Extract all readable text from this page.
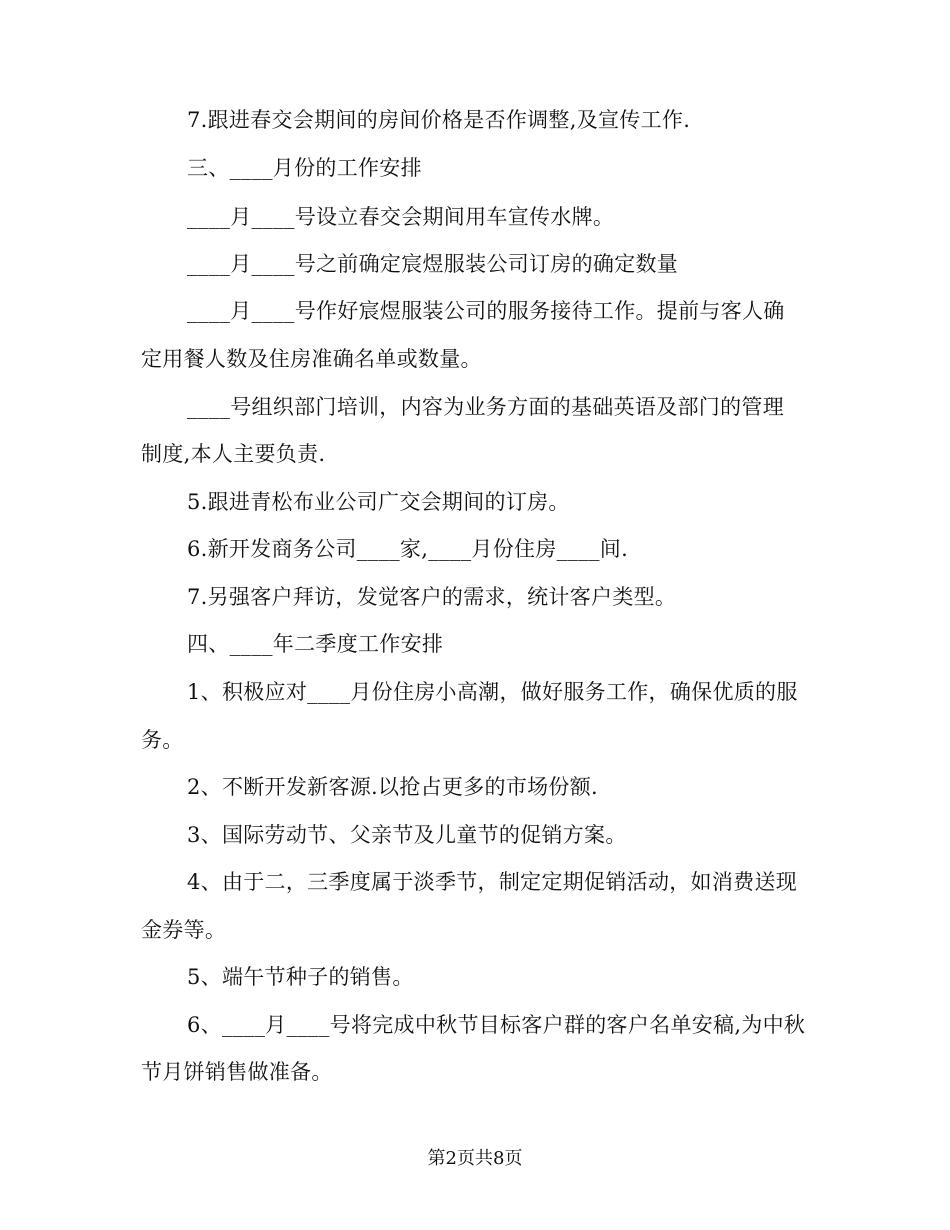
7.跟进春交会期间的房间价格是否作调整,及宣传工作.
三、____月份的工作安排
____月____号设立春交会期间用车宣传水牌。
____月____号之前确定宸煜服装公司订房的确定数量
____月____号作好宸煜服装公司的服务接待工作。提前与客人确
定用餐人数及住房准确名单或数量。
____号组织部门培训，内容为业务方面的基础英语及部门的管理
制度,本人主要负责.
5.跟进青松布业公司广交会期间的订房。
6.新开发商务公司____家,____月份住房____间.
7.另强客户拜访，发觉客户的需求，统计客户类型。
四、____年二季度工作安排
1、积极应对____月份住房小高潮，做好服务工作，确保优质的服
务。
2、不断开发新客源.以抢占更多的市场份额.
3、国际劳动节、父亲节及儿童节的促销方案。
4、由于二，三季度属于淡季节，制定定期促销活动，如消费送现
金券等。
5、端午节种子的销售。
6、____月____号将完成中秋节目标客户群的客户名单安稿,为中秋
节月饼销售做准备。
第2页共8页
